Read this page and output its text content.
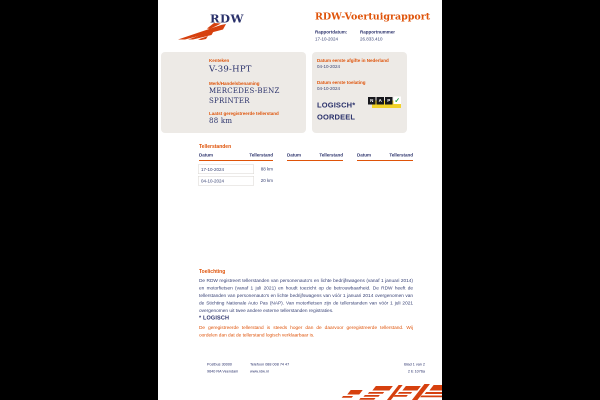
RDW	RDW-Voertuigrapport
Rapportdatum:
17-10-2024
Rapportnummer
26.833.410
Kenteken
V-39-HPT
Merk/Handelsbenaming
MERCEDES-BENZ
SPRINTER
Laatst geregistreerde tellerstand
88 km
Datum eerste afgifte in Nederland
04-10-2024
Datum eerste toelating
04-10-2024
LOGISCH*
OORDEEL
N A P ✓
Tellerstanden
Datum	Tellerstand Datum Tellerstand Datum Tellerstand
17-10-2024	88 km
04-10-2024	20 km
Toelichting
De RDW registreert tellerstanden van personenauto's en lichte bedrijfswagens (vanaf 1 januari 2014) en motorfietsen (vanaf 1 juli 2021) en houdt toezicht op de betrouwbaarheid. De RDW heeft de tellerstanden van personenauto's en lichte bedrijfswagens van vóór 1 januari 2014 overgenomen van de Stichting Nationale Auto Pas (NAP). Van motorfietsen zijn de tellerstanden van vóór 1 juli 2021 overgenomen uit twee andere externe tellerstanden registraties.
* LOGISCH
De geregistreerde tellerstand is steeds hoger dan de daarvoor geregistreerde tellerstand. Wij oordelen dan dat de tellerstand logisch verklaarbaar is.
Postbus 30000
9640 RA Veendam
Telefoon 088 008 74 47
www.rdw.nl
Blad 1 van 2
2 E 1076a
